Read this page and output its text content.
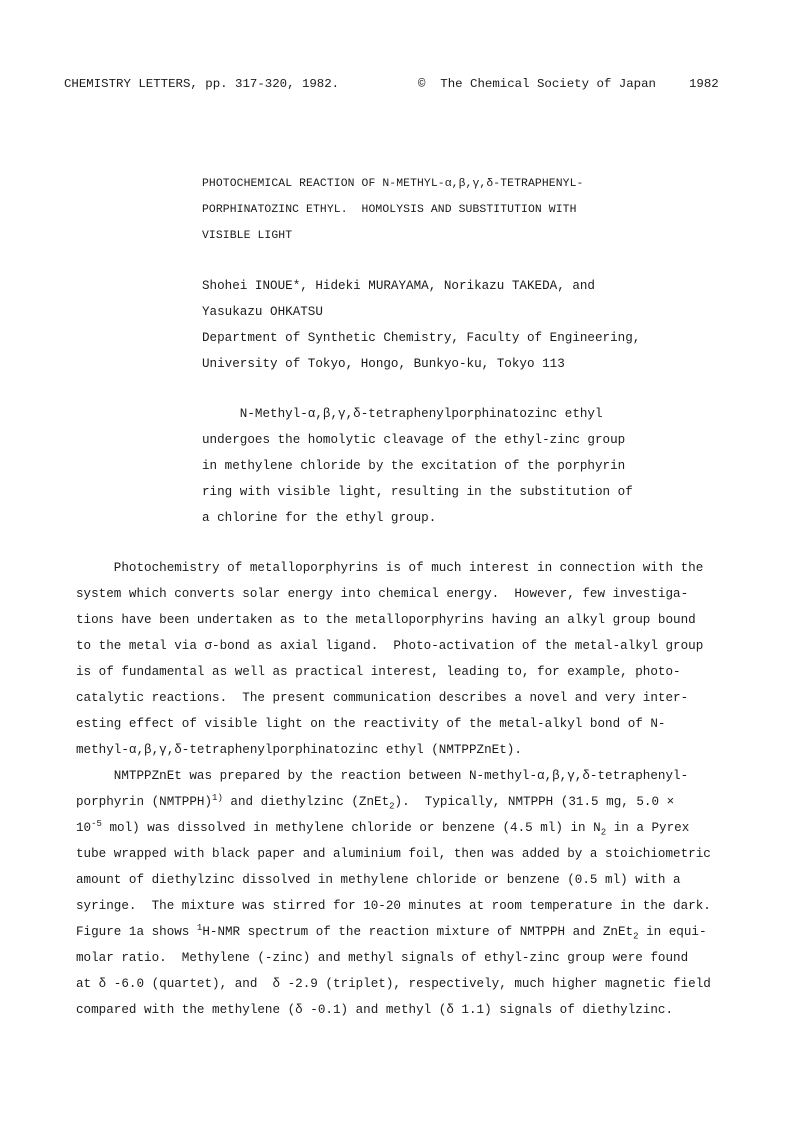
CHEMISTRY LETTERS, pp. 317-320, 1982.	©  The Chemical Society of Japan	1982
PHOTOCHEMICAL REACTION OF N-METHYL-α,β,γ,δ-TETRAPHENYL-
PORPHINATOZINC ETHYL.  HOMOLYSIS AND SUBSTITUTION WITH
VISIBLE LIGHT
Shohei INOUE*, Hideki MURAYAMA, Norikazu TAKEDA, and
Yasukazu OHKATSU
Department of Synthetic Chemistry, Faculty of Engineering,
University of Tokyo, Hongo, Bunkyo-ku, Tokyo 113
N-Methyl-α,β,γ,δ-tetraphenylporphinatozinc ethyl
undergoes the homolytic cleavage of the ethyl-zinc group
in methylene chloride by the excitation of the porphyrin
ring with visible light, resulting in the substitution of
a chlorine for the ethyl group.
Photochemistry of metalloporphyrins is of much interest in connection with the
system which converts solar energy into chemical energy.  However, few investiga-
tions have been undertaken as to the metalloporphyrins having an alkyl group bound
to the metal via σ-bond as axial ligand.  Photo-activation of the metal-alkyl group
is of fundamental as well as practical interest, leading to, for example, photo-
catalytic reactions.  The present communication describes a novel and very inter-
esting effect of visible light on the reactivity of the metal-alkyl bond of N-
methyl-α,β,γ,δ-tetraphenylporphinatozinc ethyl (NMTPPZnEt).
NMTPPZnEt was prepared by the reaction between N-methyl-α,β,γ,δ-tetraphenyl-
porphyrin (NMTPPH)$^{1)}$ and diethylzinc (ZnEt$_2$).  Typically, NMTPPH (31.5 mg, 5.0 ×
$10^{-5}$ mol) was dissolved in methylene chloride or benzene (4.5 ml) in $N_2$ in a Pyrex
tube wrapped with black paper and aluminium foil, then was added by a stoichiometric
amount of diethylzinc dissolved in methylene chloride or benzene (0.5 ml) with a
syringe.  The mixture was stirred for 10-20 minutes at room temperature in the dark.
Figure 1a shows $^1$H-NMR spectrum of the reaction mixture of NMTPPH and ZnEt$_2$ in equi-
molar ratio.  Methylene (-zinc) and methyl signals of ethyl-zinc group were found
at δ -6.0 (quartet), and  δ -2.9 (triplet), respectively, much higher magnetic field
compared with the methylene (δ -0.1) and methyl (δ 1.1) signals of diethylzinc.
